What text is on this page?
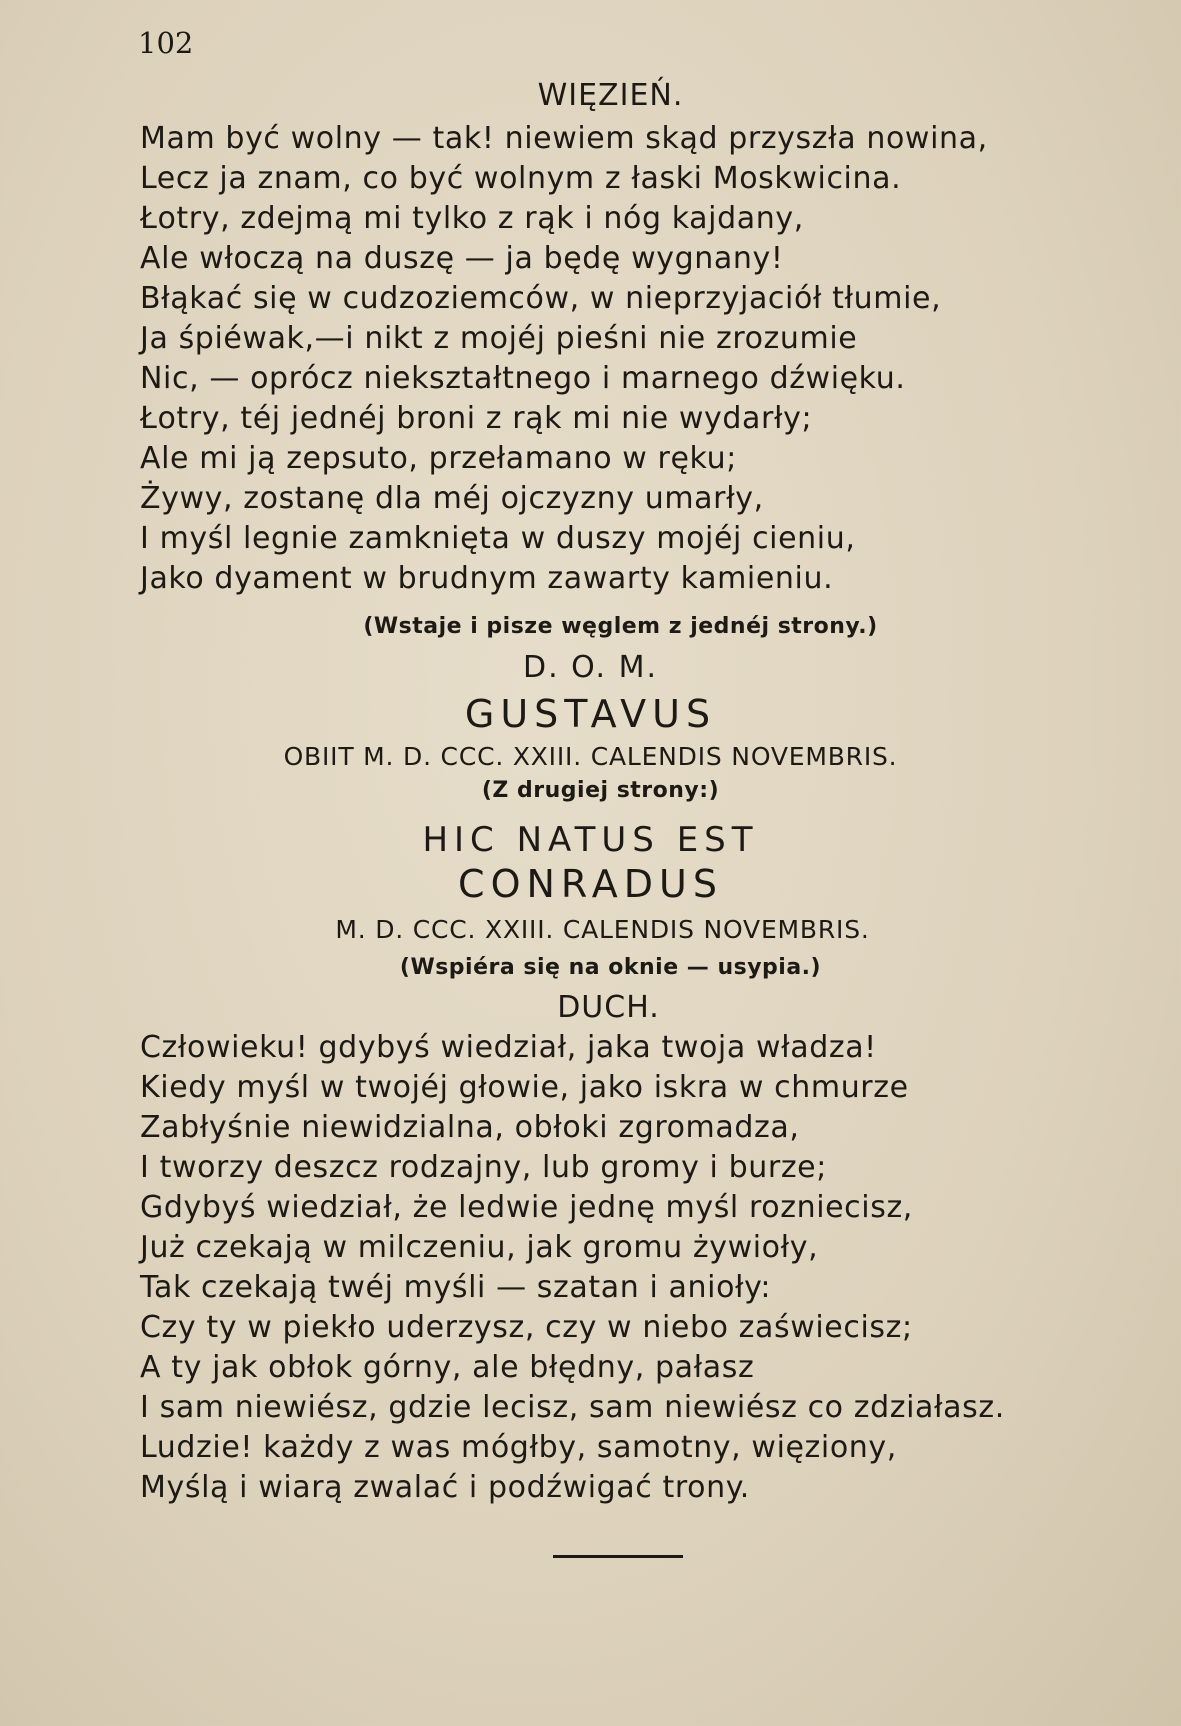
102
WIĘZIEŃ.
Mam być wolny — tak! niewiem skąd przyszła nowina,
Lecz ja znam, co być wolnym z łaski Moskwicina.
Łotry, zdejmą mi tylko z rąk i nóg kajdany,
Ale włoczą na duszę — ja będę wygnany!
Błąkać się w cudzoziemców, w nieprzyjaciół tłumie,
Ja śpiéwak,—i nikt z mojéj pieśni nie zrozumie
Nic, — oprócz niekształtnego i marnego dźwięku.
Łotry, téj jednéj broni z rąk mi nie wydarły;
Ale mi ją zepsuto, przełamano w ręku;
Żywy, zostanę dla méj ojczyzny umarły,
I myśl legnie zamknięta w duszy mojéj cieniu,
Jako dyament w brudnym zawarty kamieniu.
(Wstaje i pisze węglem z jednéj strony.)
D. O. M.
GUSTAVUS
OBIIT M. D. CCC. XXIII. CALENDIS NOVEMBRIS.
(Z drugiej strony:)
HIC NATUS EST
CONRADUS
M. D. CCC. XXIII. CALENDIS NOVEMBRIS.
(Wspiéra się na oknie — usypia.)
DUCH.
Człowieku! gdybyś wiedział, jaka twoja władza!
Kiedy myśl w twojéj głowie, jako iskra w chmurze
Zabłyśnie niewidzialna, obłoki zgromadza,
I tworzy deszcz rodzajny, lub gromy i burze;
Gdybyś wiedział, że ledwie jednę myśl roznіecisz,
Już czekają w milczeniu, jak gromu żywioły,
Tak czekają twéj myśli — szatan i anioły:
Czy ty w piekło uderzysz, czy w niebo zaświecisz;
A ty jak obłok górny, ale błędny, pałasz
I sam niewiész, gdzie lecisz, sam niewiész co zdziałasz.
Ludzie! każdy z was mógłby, samotny, więziony,
Myślą i wiarą zwalać i podźwigać trony.
